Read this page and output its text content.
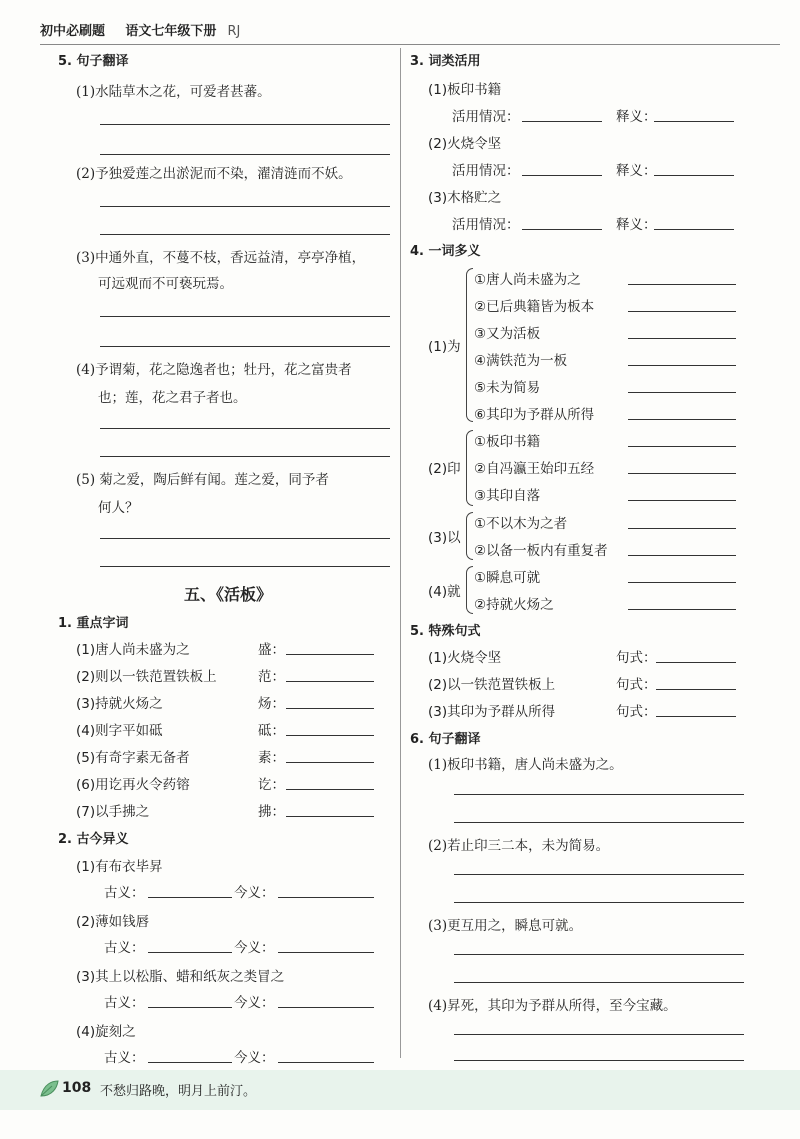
初中必刷题 语文七年级下册 RJ
5. 句子翻译
(1)水陆草木之花，可爱者甚蕃。
(2)予独爱莲之出淤泥而不染，濯清涟而不妖。
(3)中通外直，不蔓不枝，香远益清，亭亭净植，
可远观而不可亵玩焉。
(4)予谓菊，花之隐逸者也；牡丹，花之富贵者
也；莲，花之君子者也。
(5) 菊之爱，陶后鲜有闻。莲之爱，同予者
何人？
五、《活板》
1. 重点字词
(1)唐人尚未盛为之	盛：
(2)则以一铁范置铁板上	范：
(3)持就火炀之	炀：
(4)则字平如砥	砥：
(5)有奇字素无备者	素：
(6)用讫再火令药镕	讫：
(7)以手拂之	拂：
2. 古今异义
(1)有布衣毕昇
古义：	今义：
(2)薄如钱唇
古义：	今义：
(3)其上以松脂、蜡和纸灰之类冒之
古义：	今义：
(4)旋刻之
古义：	今义：
3. 词类活用
(1)板印书籍
活用情况：	释义：
(2)火烧令坚
活用情况：	释义：
(3)木格贮之
活用情况：	释义：
4. 一词多义
(1)为
①唐人尚未盛为之
②已后典籍皆为板本
③又为活板
④满铁范为一板
⑤未为简易
⑥其印为予群从所得
(2)印
①板印书籍
②自冯瀛王始印五经
③其印自落
(3)以
①不以木为之者
②以备一板内有重复者
(4)就
①瞬息可就
②持就火炀之
5. 特殊句式
(1)火烧令坚	句式：
(2)以一铁范置铁板上	句式：
(3)其印为予群从所得	句式：
6. 句子翻译
(1)板印书籍，唐人尚未盛为之。
(2)若止印三二本，未为简易。
(3)更互用之，瞬息可就。
(4)昇死，其印为予群从所得，至今宝藏。
108 不愁归路晚，明月上前汀。
